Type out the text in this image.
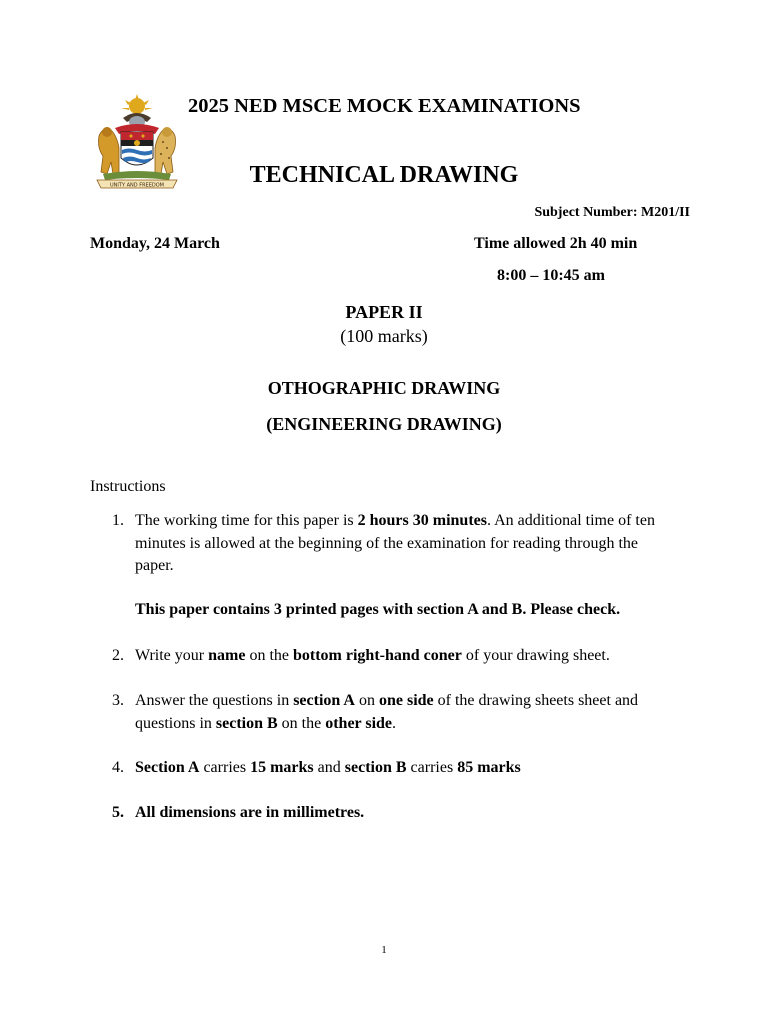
UNITY AND FREEDOM
2025 NED MSCE MOCK EXAMINATIONS
TECHNICAL DRAWING
Subject Number: M201/II
Monday, 24 March	Time allowed 2h 40 min
8:00 – 10:45 am
PAPER II
(100 marks)
OTHOGRAPHIC DRAWING
(ENGINEERING DRAWING)
Instructions
1. The working time for this paper is 2 hours 30 minutes. An additional time of ten minutes is allowed at the beginning of the examination for reading through the paper.
This paper contains 3 printed pages with section A and B. Please check.
2. Write your name on the bottom right-hand coner of your drawing sheet.
3. Answer the questions in section A on one side of the drawing sheets sheet and questions in section B on the other side.
4. Section A carries 15 marks and section B carries 85 marks
5. All dimensions are in millimetres.
1
